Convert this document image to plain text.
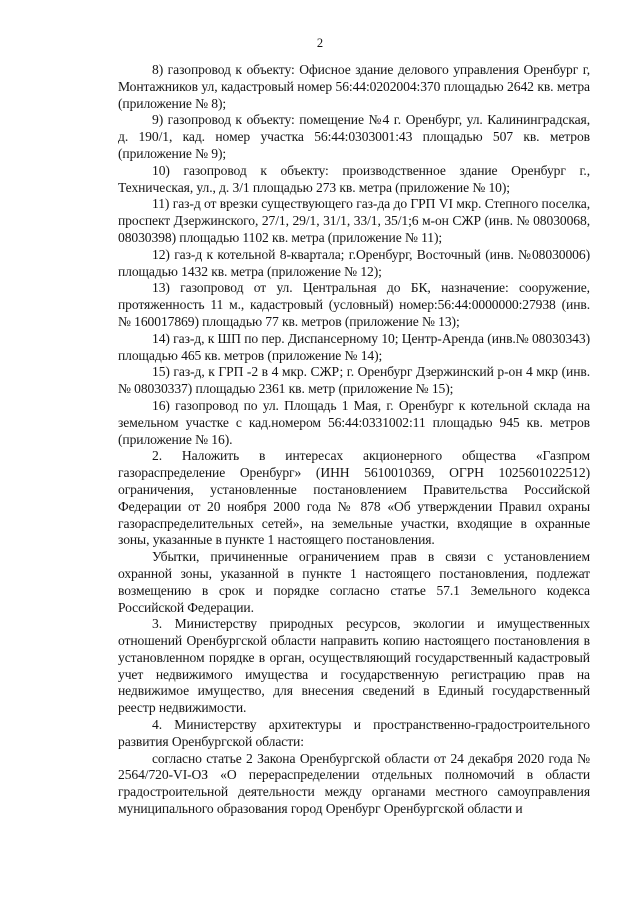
2

8) газопровод к объекту: Офисное здание делового управления Оренбург г, Монтажников ул, кадастровый номер 56:44:0202004:370 площадью 2642 кв. метра (приложение № 8);

9) газопровод к объекту: помещение №4 г. Оренбург, ул. Калининградская, д. 190/1, кад. номер участка 56:44:0303001:43 площадью 507 кв. метров (приложение № 9);

10) газопровод к объекту: производственное здание Оренбург г., Техническая, ул., д. 3/1 площадью 273 кв. метра (приложение № 10);

11) газ-д от врезки существующего газ-да до ГРП VI мкр. Степного поселка, проспект Дзержинского, 27/1, 29/1, 31/1, 33/1, 35/1;6 м-он СЖР (инв. № 08030068, 08030398) площадью 1102 кв. метра (приложение № 11);

12) газ-д к котельной 8-квартала; г.Оренбург, Восточный (инв. №08030006) площадью 1432 кв. метра (приложение № 12);

13) газопровод от ул. Центральная до БК, назначение: сооружение, протяженность 11 м., кадастровый (условный) номер:56:44:0000000:27938 (инв. № 160017869) площадью 77 кв. метров (приложение № 13);

14) газ-д, к ШП по пер. Диспансерному 10; Центр-Аренда (инв.№ 08030343) площадью 465 кв. метров (приложение № 14);

15) газ-д, к ГРП -2 в 4 мкр. СЖР; г. Оренбург Дзержинский р-он 4 мкр (инв. № 08030337) площадью 2361 кв. метр (приложение № 15);

16) газопровод по ул. Площадь 1 Мая, г. Оренбург к котельной склада на земельном участке с кад.номером 56:44:0331002:11 площадью 945 кв. метров (приложение № 16).

2. Наложить в интересах акционерного общества «Газпром газораспределение Оренбург» (ИНН 5610010369, ОГРН 1025601022512) ограничения, установленные постановлением Правительства Российской Федерации от 20 ноября 2000 года № 878 «Об утверждении Правил охраны газораспределительных сетей», на земельные участки, входящие в охранные зоны, указанные в пункте 1 настоящего постановления.

Убытки, причиненные ограничением прав в связи с установлением охранной зоны, указанной в пункте 1 настоящего постановления, подлежат возмещению в срок и порядке согласно статье 57.1 Земельного кодекса Российской Федерации.

3. Министерству природных ресурсов, экологии и имущественных отношений Оренбургской области направить копию настоящего постановления в установленном порядке в орган, осуществляющий государственный кадастровый учет недвижимого имущества и государственную регистрацию прав на недвижимое имущество, для внесения сведений в Единый государственный реестр недвижимости.

4. Министерству архитектуры и пространственно-градостроительного развития Оренбургской области:

согласно статье 2 Закона Оренбургской области от 24 декабря 2020 года № 2564/720-VI-ОЗ «О перераспределении отдельных полномочий в области градостроительной деятельности между органами местного самоуправления муниципального образования город Оренбург Оренбургской области и
